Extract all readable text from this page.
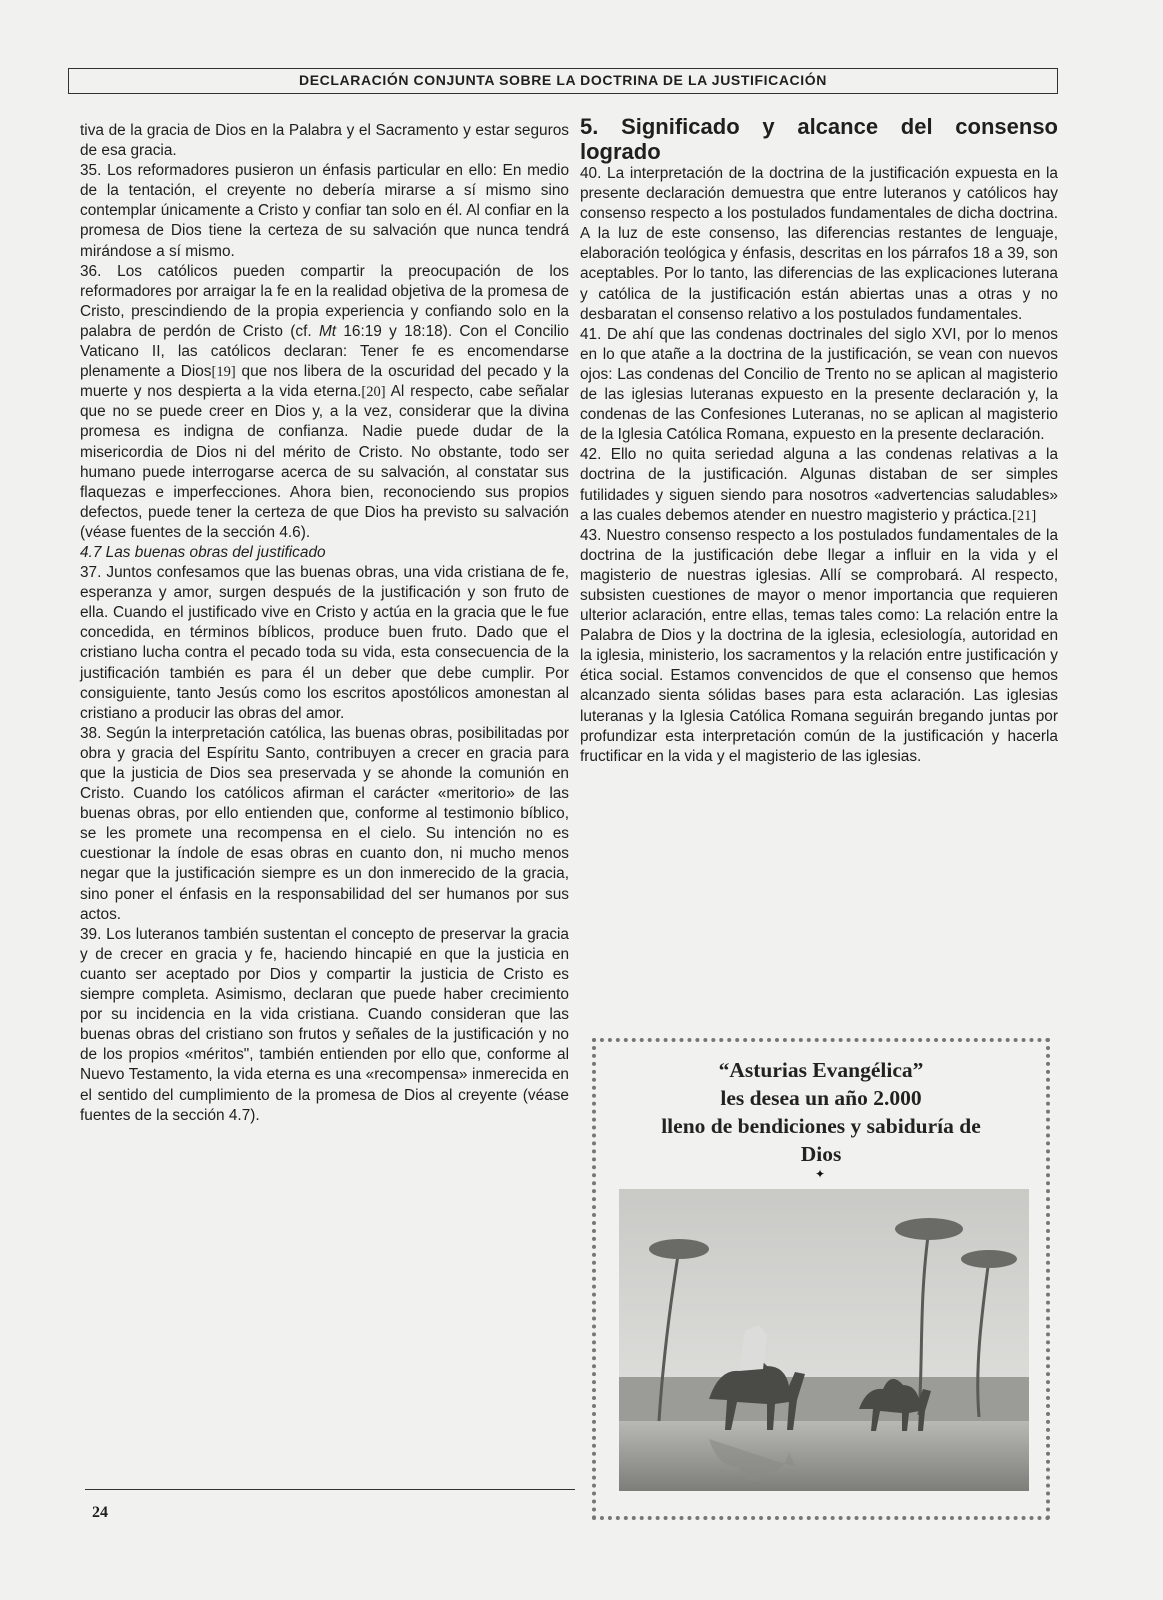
DECLARACIÓN CONJUNTA SOBRE LA DOCTRINA DE LA JUSTIFICACIÓN

tiva de la gracia de Dios en la Palabra y el Sacramento y estar seguros de esa gracia.

35. Los reformadores pusieron un énfasis particular en ello: En medio de la tentación, el creyente no debería mirarse a sí mismo sino contemplar únicamente a Cristo y confiar tan solo en él. Al confiar en la promesa de Dios tiene la certeza de su salvación que nunca tendrá mirándose a sí mismo.

36. Los católicos pueden compartir la preocupación de los reformadores por arraigar la fe en la realidad objetiva de la promesa de Cristo, prescindiendo de la propia experiencia y confiando solo en la palabra de perdón de Cristo (cf. Mt 16:19 y 18:18). Con el Concilio Vaticano II, las católicos declaran: Tener fe es encomendarse plenamente a Dios[19] que nos libera de la oscuridad del pecado y la muerte y nos despierta a la vida eterna.[20] Al respecto, cabe señalar que no se puede creer en Dios y, a la vez, considerar que la divina promesa es indigna de confianza. Nadie puede dudar de la misericordia de Dios ni del mérito de Cristo. No obstante, todo ser humano puede interrogarse acerca de su salvación, al constatar sus flaquezas e imperfecciones. Ahora bien, reconociendo sus propios defectos, puede tener la certeza de que Dios ha previsto su salvación (véase fuentes de la sección 4.6).

4.7 Las buenas obras del justificado

37. Juntos confesamos que las buenas obras, una vida cristiana de fe, esperanza y amor, surgen después de la justificación y son fruto de ella. Cuando el justificado vive en Cristo y actúa en la gracia que le fue concedida, en términos bíblicos, produce buen fruto. Dado que el cristiano lucha contra el pecado toda su vida, esta consecuencia de la justificación también es para él un deber que debe cumplir. Por consiguiente, tanto Jesús como los escritos apostólicos amonestan al cristiano a producir las obras del amor.

38. Según la interpretación católica, las buenas obras, posibilitadas por obra y gracia del Espíritu Santo, contribuyen a crecer en gracia para que la justicia de Dios sea preservada y se ahonde la comunión en Cristo. Cuando los católicos afirman el carácter «meritorio» de las buenas obras, por ello entienden que, conforme al testimonio bíblico, se les promete una recompensa en el cielo. Su intención no es cuestionar la índole de esas obras en cuanto don, ni mucho menos negar que la justificación siempre es un don inmerecido de la gracia, sino poner el énfasis en la responsabilidad del ser humanos por sus actos.

39. Los luteranos también sustentan el concepto de preservar la gracia y de crecer en gracia y fe, haciendo hincapié en que la justicia en cuanto ser aceptado por Dios y compartir la justicia de Cristo es siempre completa. Asimismo, declaran que puede haber crecimiento por su incidencia en la vida cristiana. Cuando consideran que las buenas obras del cristiano son frutos y señales de la justificación y no de los propios «méritos", también entienden por ello que, conforme al Nuevo Testamento, la vida eterna es una «recompensa» inmerecida en el sentido del cumplimiento de la promesa de Dios al creyente (véase fuentes de la sección 4.7).

5. Significado y alcance del consenso logrado

40. La interpretación de la doctrina de la justificación expuesta en la presente declaración demuestra que entre luteranos y católicos hay consenso respecto a los postulados fundamentales de dicha doctrina. A la luz de este consenso, las diferencias restantes de lenguaje, elaboración teológica y énfasis, descritas en los párrafos 18 a 39, son aceptables. Por lo tanto, las diferencias de las explicaciones luterana y católica de la justificación están abiertas unas a otras y no desbaratan el consenso relativo a los postulados fundamentales.

41. De ahí que las condenas doctrinales del siglo XVI, por lo menos en lo que atañe a la doctrina de la justificación, se vean con nuevos ojos: Las condenas del Concilio de Trento no se aplican al magisterio de las iglesias luteranas expuesto en la presente declaración y, la condenas de las Confesiones Luteranas, no se aplican al magisterio de la Iglesia Católica Romana, expuesto en la presente declaración.

42. Ello no quita seriedad alguna a las condenas relativas a la doctrina de la justificación. Algunas distaban de ser simples futilidades y siguen siendo para nosotros «advertencias saludables» a las cuales debemos atender en nuestro magisterio y práctica.[21]

43. Nuestro consenso respecto a los postulados fundamentales de la doctrina de la justificación debe llegar a influir en la vida y el magisterio de nuestras iglesias. Allí se comprobará. Al respecto, subsisten cuestiones de mayor o menor importancia que requieren ulterior aclaración, entre ellas, temas tales como: La relación entre la Palabra de Dios y la doctrina de la iglesia, eclesiología, autoridad en la iglesia, ministerio, los sacramentos y la relación entre justificación y ética social. Estamos convencidos de que el consenso que hemos alcanzado sienta sólidas bases para esta aclaración. Las iglesias luteranas y la Iglesia Católica Romana seguirán bregando juntas por profundizar esta interpretación común de la justificación y hacerla fructificar en la vida y el magisterio de las iglesias.

“Asturias Evangélica”
les desea un año 2.000
lleno de bendiciones y sabiduría de
Dios
✦
24
